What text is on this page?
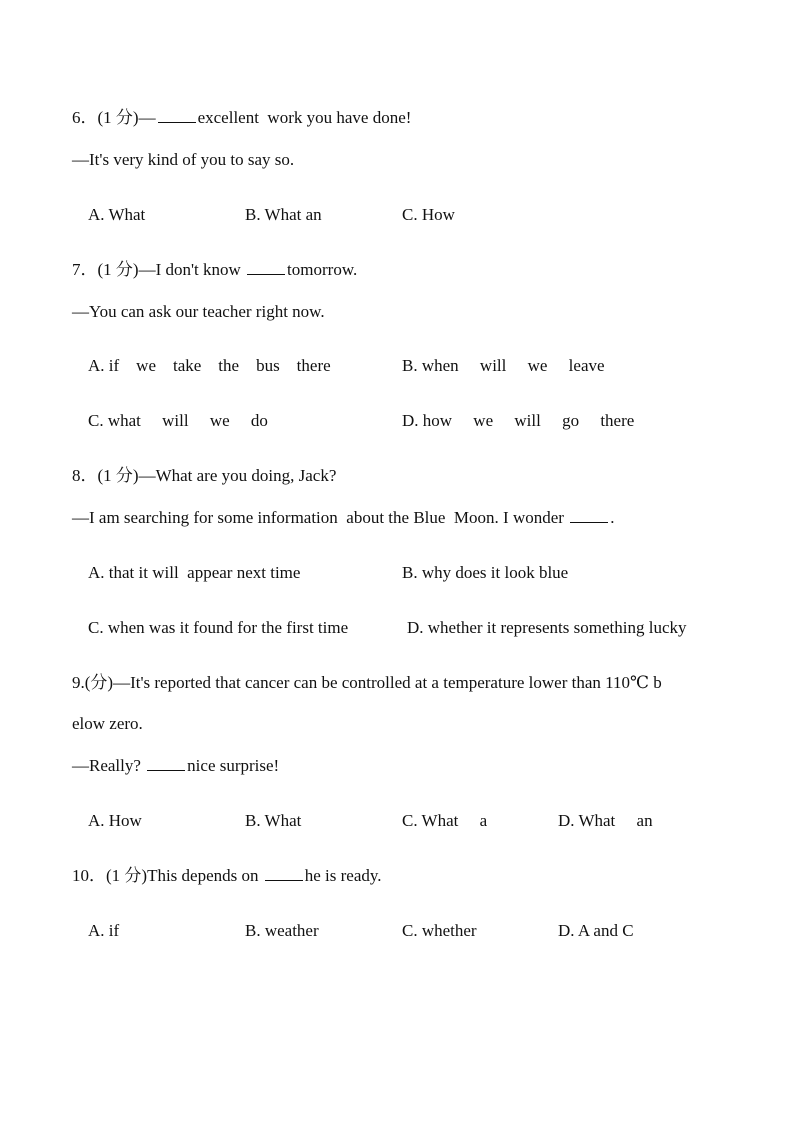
6．(1 分)— excellent  work you have done!
—It's very kind of you to say so.
A. What	B. What an	C. How
7．(1 分)—I don't know tomorrow.
—You can ask our teacher right now.
A. if    we    take    the    bus    there	B. when     will     we     leave
C. what     will     we     do	D. how     we     will     go     there
8．(1 分)—What are you doing, Jack?
—I am searching for some information  about the Blue  Moon. I wonder .
A. that it will  appear next time	B. why does it look blue
C. when was it found for the first time	D. whether it represents something lucky
9.(分)—It's reported that cancer can be controlled at a temperature lower than 110℃ b
elow zero.
—Really? nice surprise!
A. How	B. What	C. What     a	D. What     an
10．(1 分)This depends on he is ready.
A. if	B. weather	C. whether	D. A and C
